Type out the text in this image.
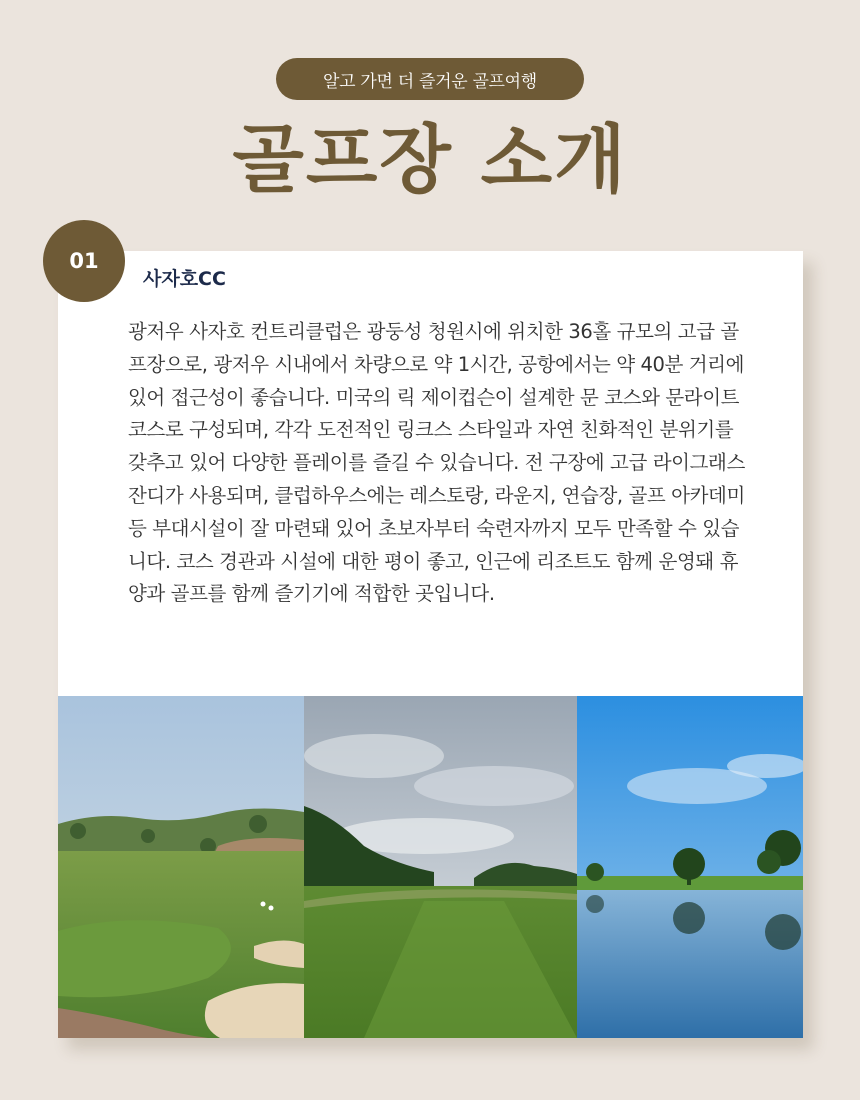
알고 가면 더 즐거운 골프여행
골프장 소개
01
사자호CC

광저우 사자호 컨트리클럽은 광둥성 청원시에 위치한 36홀 규모의 고급 골프장으로, 광저우 시내에서 차량으로 약 1시간, 공항에서는 약 40분 거리에 있어 접근성이 좋습니다. 미국의 릭 제이컵슨이 설계한 문 코스와 문라이트 코스로 구성되며, 각각 도전적인 링크스 스타일과 자연 친화적인 분위기를 갖추고 있어 다양한 플레이를 즐길 수 있습니다. 전 구장에 고급 라이그래스 잔디가 사용되며, 클럽하우스에는 레스토랑, 라운지, 연습장, 골프 아카데미 등 부대시설이 잘 마련돼 있어 초보자부터 숙련자까지 모두 만족할 수 있습니다. 코스 경관과 시설에 대한 평이 좋고, 인근에 리조트도 함께 운영돼 휴양과 골프를 함께 즐기기에 적합한 곳입니다.
